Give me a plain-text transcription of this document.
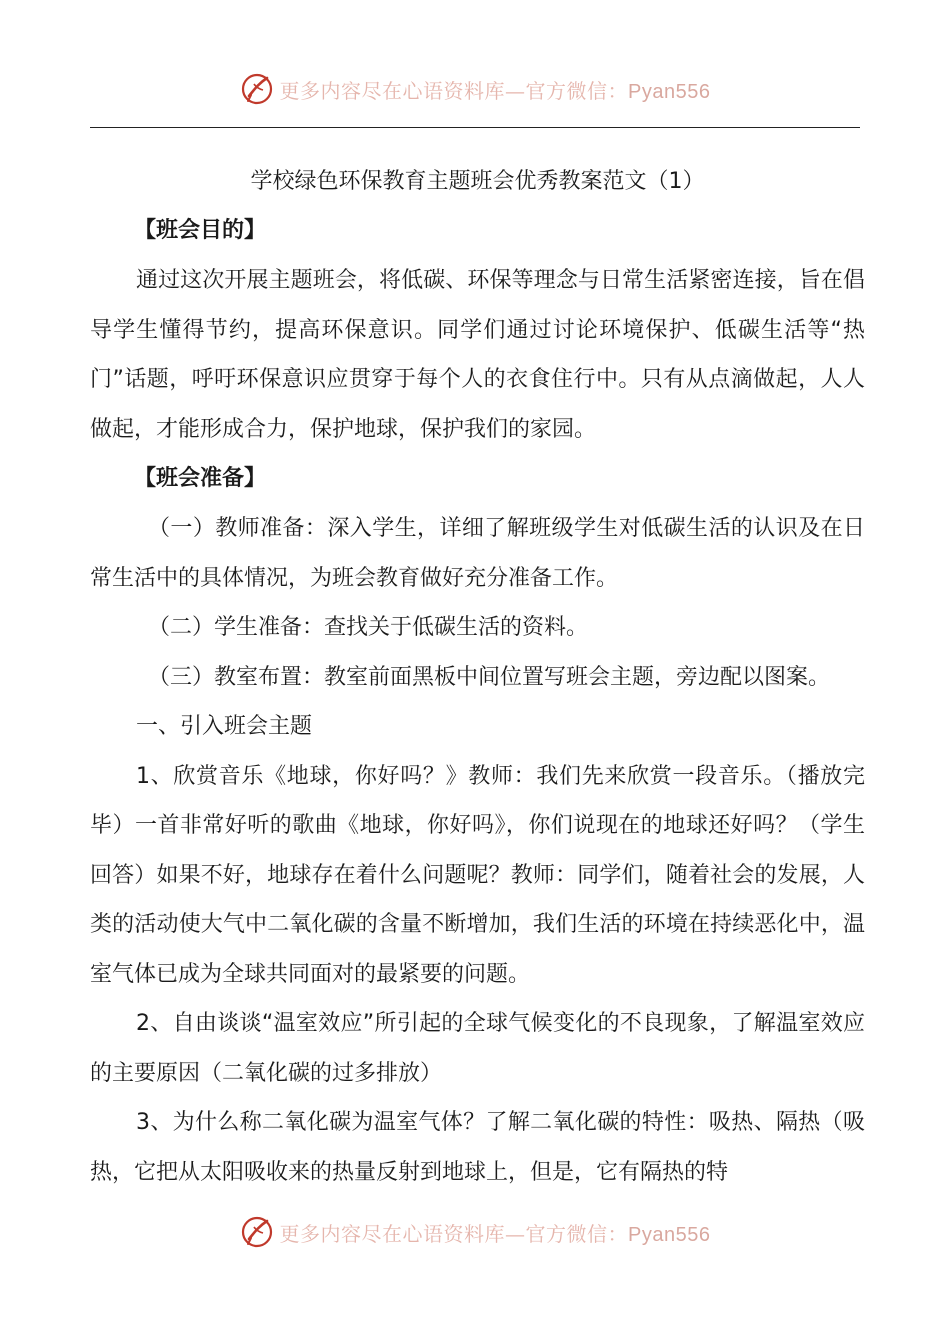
更多内容尽在心语资料库—官方微信：Pyan556

学校绿色环保教育主题班会优秀教案范文（1）

【班会目的】

通过这次开展主题班会，将低碳、环保等理念与日常生活紧密连接，旨在倡导学生懂得节约，提高环保意识。同学们通过讨论环境保护、低碳生活等“热门”话题，呼吁环保意识应贯穿于每个人的衣食住行中。只有从点滴做起，人人做起，才能形成合力，保护地球，保护我们的家园。

【班会准备】

（一）教师准备：深入学生，详细了解班级学生对低碳生活的认识及在日常生活中的具体情况，为班会教育做好充分准备工作。

（二）学生准备：查找关于低碳生活的资料。

（三）教室布置：教室前面黑板中间位置写班会主题，旁边配以图案。

一、引入班会主题

1、欣赏音乐《地球，你好吗？》教师：我们先来欣赏一段音乐。（播放完毕）一首非常好听的歌曲《地球，你好吗》，你们说现在的地球还好吗？（学生回答）如果不好，地球存在着什么问题呢？教师：同学们，随着社会的发展，人类的活动使大气中二氧化碳的含量不断增加，我们生活的环境在持续恶化中，温室气体已成为全球共同面对的最紧要的问题。

2、自由谈谈“温室效应”所引起的全球气候变化的不良现象，了解温室效应的主要原因（二氧化碳的过多排放）

3、为什么称二氧化碳为温室气体？了解二氧化碳的特性：吸热、隔热（吸热，它把从太阳吸收来的热量反射到地球上，但是，它有隔热的特

更多内容尽在心语资料库—官方微信：Pyan556
